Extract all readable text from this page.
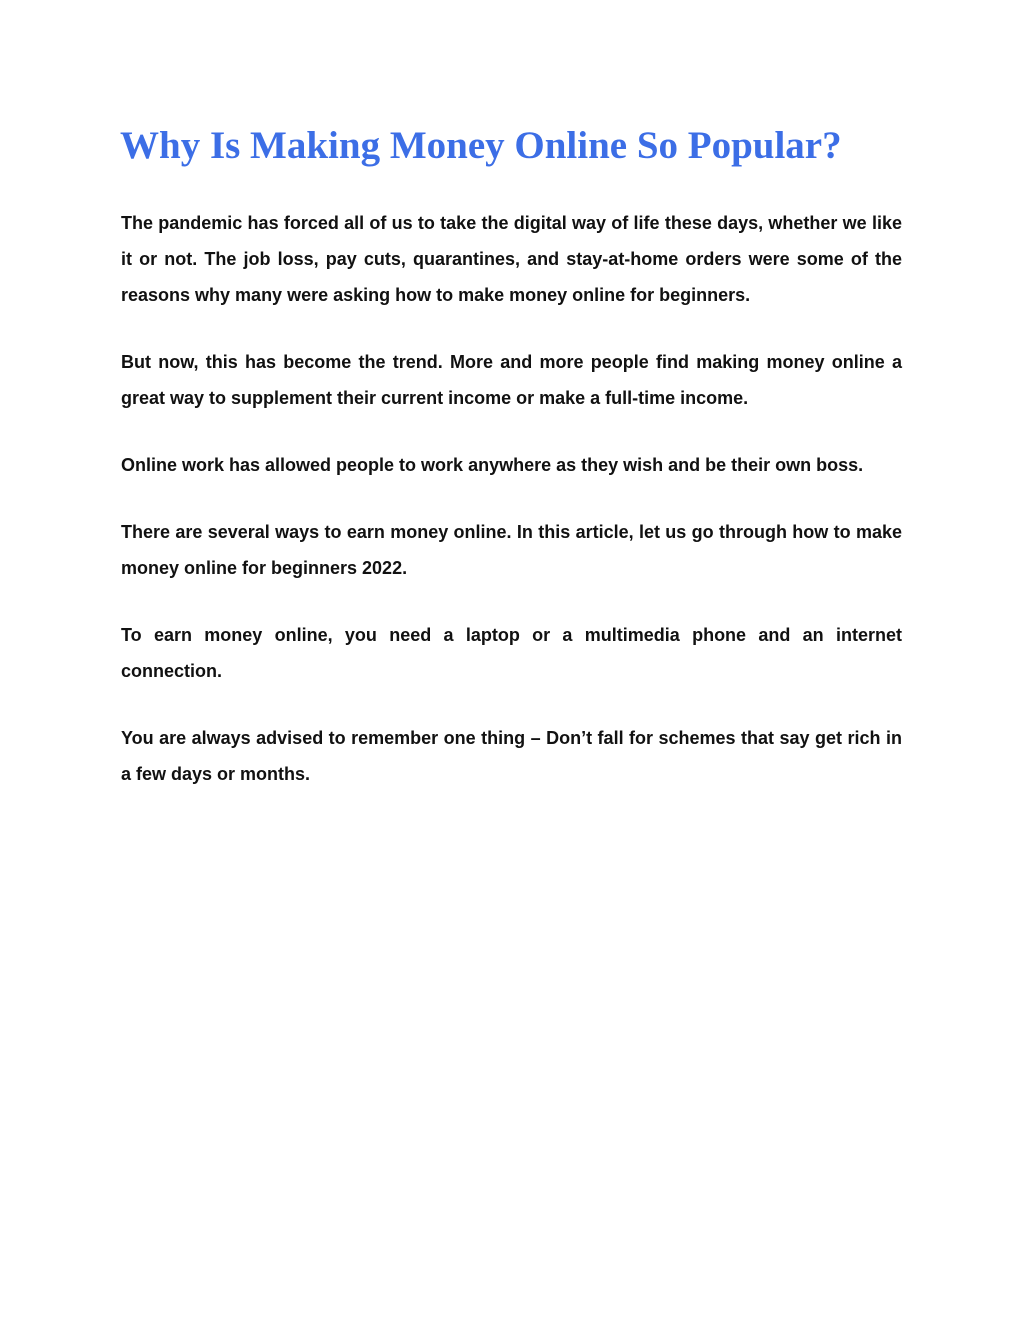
Why Is Making Money Online So Popular?

The pandemic has forced all of us to take the digital way of life these days, whether we like it or not. The job loss, pay cuts, quarantines, and stay-at-home orders were some of the reasons why many were asking how to make money online for beginners.

But now, this has become the trend. More and more people find making money online a great way to supplement their current income or make a full-time income.

Online work has allowed people to work anywhere as they wish and be their own boss.

There are several ways to earn money online. In this article, let us go through how to make money online for beginners 2022.

To earn money online, you need a laptop or a multimedia phone and an internet connection.

You are always advised to remember one thing – Don’t fall for schemes that say get rich in a few days or months.
